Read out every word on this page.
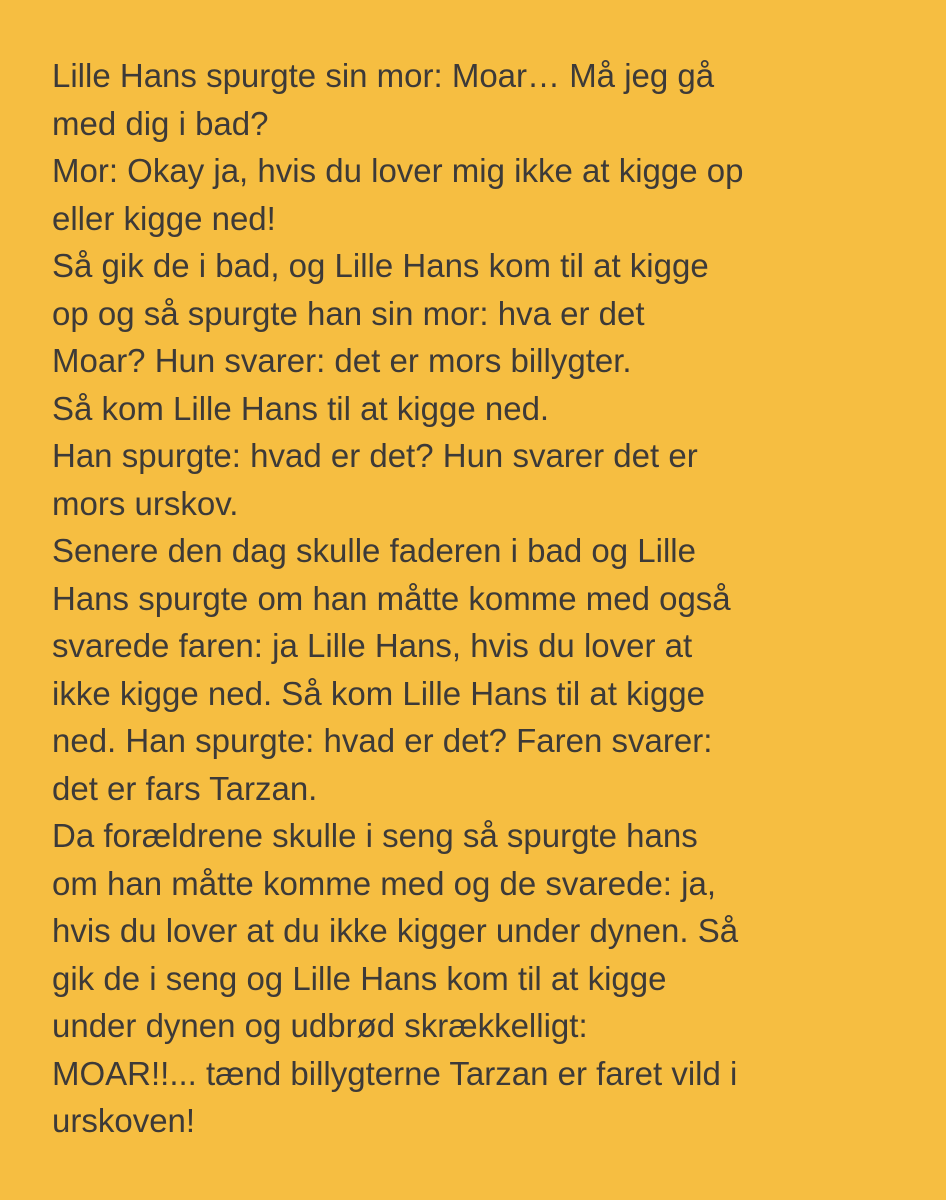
Lille Hans spurgte sin mor: Moar… Må jeg gå
med dig i bad?
Mor: Okay ja, hvis du lover mig ikke at kigge op
eller kigge ned!
Så gik de i bad, og Lille Hans kom til at kigge
op og så spurgte han sin mor: hva er det
Moar? Hun svarer: det er mors billygter.
Så kom Lille Hans til at kigge ned.
Han spurgte: hvad er det? Hun svarer det er
mors urskov.
Senere den dag skulle faderen i bad og Lille
Hans spurgte om han måtte komme med også
svarede faren: ja Lille Hans, hvis du lover at
ikke kigge ned. Så kom Lille Hans til at kigge
ned. Han spurgte: hvad er det? Faren svarer:
det er fars Tarzan.
Da forældrene skulle i seng så spurgte hans
om han måtte komme med og de svarede: ja,
hvis du lover at du ikke kigger under dynen. Så
gik de i seng og Lille Hans kom til at kigge
under dynen og udbrød skrækkelligt:
MOAR!!... tænd billygterne Tarzan er faret vild i
urskoven!
